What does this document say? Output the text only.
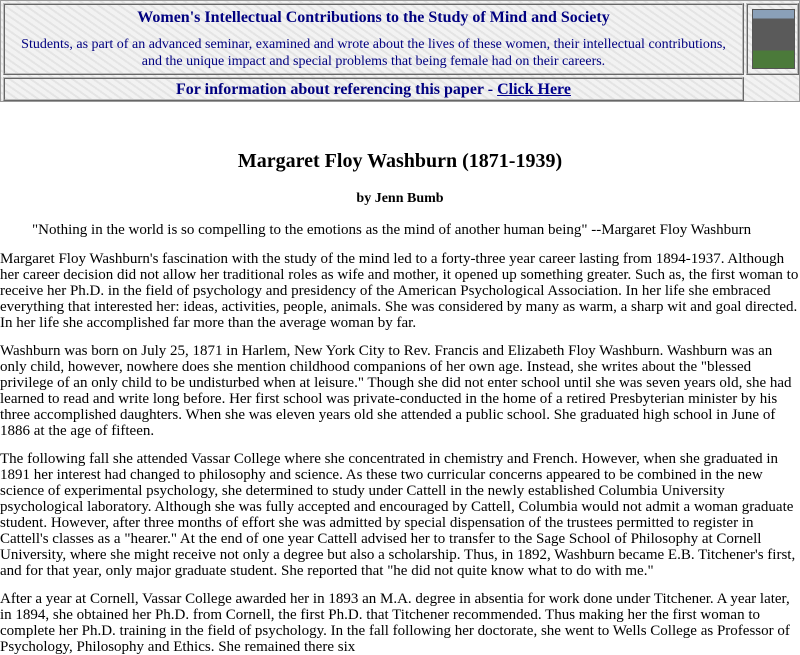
Women's Intellectual Contributions to the Study of Mind and Society
Students, as part of an advanced seminar, examined and wrote about the lives of these women, their intellectual contributions, and the unique impact and special problems that being female had on their careers.
For information about referencing this paper - Click Here
Margaret Floy Washburn (1871-1939)
by Jenn Bumb
"Nothing in the world is so compelling to the emotions as the mind of another human being" --Margaret Floy Washburn

Margaret Floy Washburn's fascination with the study of the mind led to a forty-three year career lasting from 1894-1937. Although her career decision did not allow her traditional roles as wife and mother, it opened up something greater. Such as, the first woman to receive her Ph.D. in the field of psychology and presidency of the American Psychological Association. In her life she embraced everything that interested her: ideas, activities, people, animals. She was considered by many as warm, a sharp wit and goal directed. In her life she accomplished far more than the average woman by far.

Washburn was born on July 25, 1871 in Harlem, New York City to Rev. Francis and Elizabeth Floy Washburn. Washburn was an only child, however, nowhere does she mention childhood companions of her own age. Instead, she writes about the "blessed privilege of an only child to be undisturbed when at leisure." Though she did not enter school until she was seven years old, she had learned to read and write long before. Her first school was private-conducted in the home of a retired Presbyterian minister by his three accomplished daughters. When she was eleven years old she attended a public school. She graduated high school in June of 1886 at the age of fifteen.

The following fall she attended Vassar College where she concentrated in chemistry and French. However, when she graduated in 1891 her interest had changed to philosophy and science. As these two curricular concerns appeared to be combined in the new science of experimental psychology, she determined to study under Cattell in the newly established Columbia University psychological laboratory. Although she was fully accepted and encouraged by Cattell, Columbia would not admit a woman graduate student. However, after three months of effort she was admitted by special dispensation of the trustees permitted to register in Cattell's classes as a "hearer." At the end of one year Cattell advised her to transfer to the Sage School of Philosophy at Cornell University, where she might receive not only a degree but also a scholarship. Thus, in 1892, Washburn became E.B. Titchener's first, and for that year, only major graduate student. She reported that "he did not quite know what to do with me."

After a year at Cornell, Vassar College awarded her in 1893 an M.A. degree in absentia for work done under Titchener. A year later, in 1894, she obtained her Ph.D. from Cornell, the first Ph.D. that Titchener recommended. Thus making her the first woman to complete her Ph.D. training in the field of psychology. In the fall following her doctorate, she went to Wells College as Professor of Psychology, Philosophy and Ethics. She remained there six
